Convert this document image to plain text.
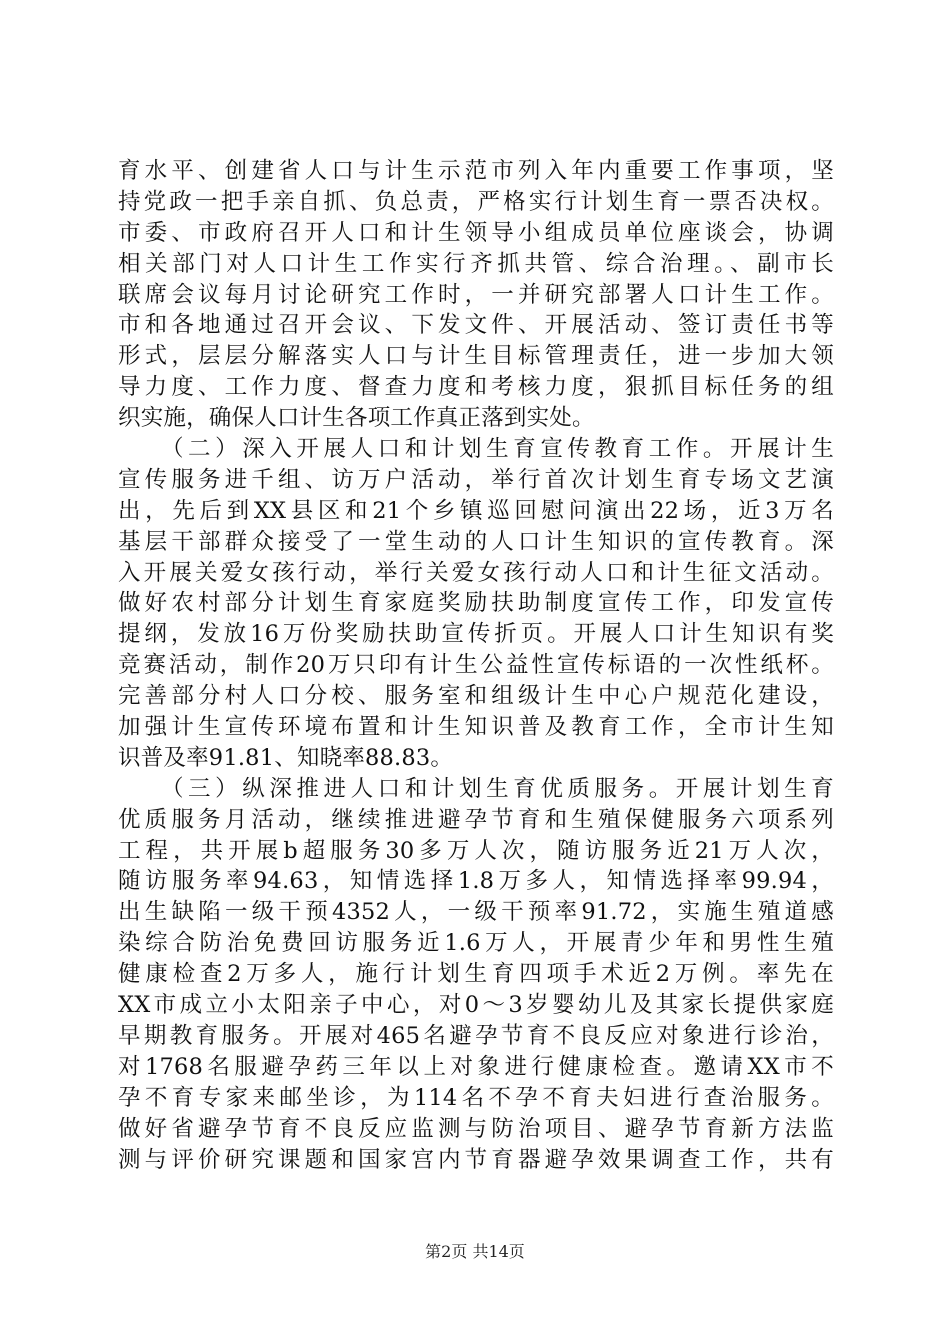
育水平、创建省人口与计生示范市列入年内重要工作事项，坚
持党政一把手亲自抓、负总责，严格实行计划生育一票否决权。
市委、市政府召开人口和计生领导小组成员单位座谈会，协调
相关部门对人口计生工作实行齐抓共管、综合治理。、副市长
联席会议每月讨论研究工作时，一并研究部署人口计生工作。
市和各地通过召开会议、下发文件、开展活动、签订责任书等
形式，层层分解落实人口与计生目标管理责任，进一步加大领
导力度、工作力度、督查力度和考核力度，狠抓目标任务的组
织实施，确保人口计生各项工作真正落到实处。
　　（二）深入开展人口和计划生育宣传教育工作。开展计生
宣传服务进千组、访万户活动，举行首次计划生育专场文艺演
出，先后到XX县区和21个乡镇巡回慰问演出22场，近3万名
基层干部群众接受了一堂生动的人口计生知识的宣传教育。深
入开展关爱女孩行动，举行关爱女孩行动人口和计生征文活动。
做好农村部分计划生育家庭奖励扶助制度宣传工作，印发宣传
提纲，发放16万份奖励扶助宣传折页。开展人口计生知识有奖
竞赛活动，制作20万只印有计生公益性宣传标语的一次性纸杯。
完善部分村人口分校、服务室和组级计生中心户规范化建设，
加强计生宣传环境布置和计生知识普及教育工作，全市计生知
识普及率91.81、知晓率88.83。
　　（三）纵深推进人口和计划生育优质服务。开展计划生育
优质服务月活动，继续推进避孕节育和生殖保健服务六项系列
工程，共开展b超服务30多万人次，随访服务近21万人次，
随访服务率94.63，知情选择1.8万多人，知情选择率99.94，
出生缺陷一级干预4352人，一级干预率91.72，实施生殖道感
染综合防治免费回访服务近1.6万人，开展青少年和男性生殖
健康检查2万多人，施行计划生育四项手术近2万例。率先在
XX市成立小太阳亲子中心，对0～3岁婴幼儿及其家长提供家庭
早期教育服务。开展对465名避孕节育不良反应对象进行诊治，
对1768名服避孕药三年以上对象进行健康检查。邀请XX市不
孕不育专家来邮坐诊，为114名不孕不育夫妇进行查治服务。
做好省避孕节育不良反应监测与防治项目、避孕节育新方法监
测与评价研究课题和国家宫内节育器避孕效果调查工作，共有
第2页 共14页
